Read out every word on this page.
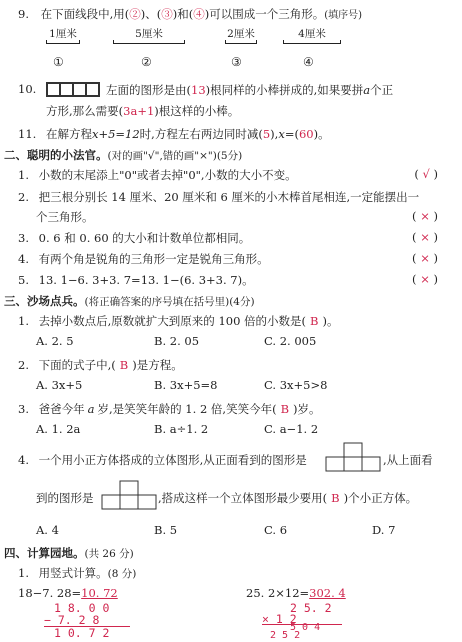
9. 在下面线段中,用(②)、(③)和(④)可以围成一个三角形。(填序号)
1厘米	5厘米	2厘米	4厘米
①	②	③	④
10.	左面的图形是由(13)根同样的小棒拼成的,如果要拼a个正
方形,那么需要(3a+1)根这样的小棒。
11. 在解方程x+5=12时,方程左右两边同时减(5),x=(60)。
二、聪明的小法官。(对的画"√",错的画"×")(5分)
1. 小数的末尾添上"0"或者去掉"0",小数的大小不变。	( √ )
2. 把三根分别长 14 厘米、20 厘米和 6 厘米的小木棒首尾相连,一定能摆出一
个三角形。	( × )
3. 0. 6 和 0. 60 的大小和计数单位都相同。	( × )
4. 有两个角是锐角的三角形一定是锐角三角形。	( × )
5. 13. 1−6. 3+3. 7=13. 1−(6. 3+3. 7)。	( × )
三、沙场点兵。(将正确答案的序号填在括号里)(4分)
1. 去掉小数点后,原数就扩大到原来的 100 倍的小数是( B )。
A. 2. 5	B. 2. 05	C. 2. 005
2. 下面的式子中,( B )是方程。
A. 3x+5	B. 3x+5=8	C. 3x+5>8
3. 爸爸今年 a 岁,是笑笑年龄的 1. 2 倍,笑笑今年( B )岁。
A. 1. 2a	B. a÷1. 2	C. a−1. 2
4. 一个用小正方体搭成的立体图形,从正面看到的图形是	,从上面看
到的图形是	,搭成这样一个立体图形最少要用( B )个小正方体。
A. 4	B. 5	C. 6	D. 7
四、计算园地。(共 26 分)
1. 用竖式计算。(8 分)
18−7. 28=10. 72
1 8. 0 0
− 7. 2 8
1 0. 7 2
25. 2×12=302. 4
2 5. 2
× 1 2
5 0 4
2 5 2
